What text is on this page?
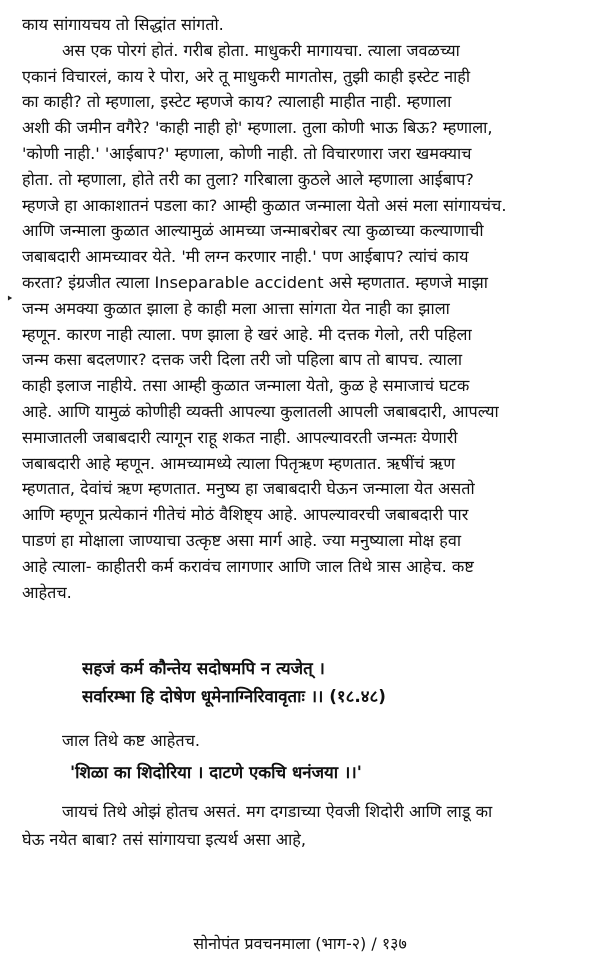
काय सांगायचय तो सिद्धांत सांगतो.
अस एक पोरगं होतं. गरीब होता. माधुकरी मागायचा. त्याला जवळच्या
एकानं विचारलं, काय रे पोरा, अरे तू माधुकरी मागतोस, तुझी काही इस्टेट नाही
का काही? तो म्हणाला, इस्टेट म्हणजे काय? त्यालाही माहीत नाही. म्हणाला
अशी की जमीन वगैरे? 'काही नाही हो' म्हणाला. तुला कोणी भाऊ बिऊ? म्हणाला,
'कोणी नाही.' 'आईबाप?' म्हणाला, कोणी नाही. तो विचारणारा जरा खमक्याच
होता. तो म्हणाला, होते तरी का तुला? गरिबाला कुठले आले म्हणाला आईबाप?
म्हणजे हा आकाशातनं पडला का? आम्ही कुळात जन्माला येतो असं मला सांगायचंच.
आणि जन्माला कुळात आल्यामुळं आमच्या जन्माबरोबर त्या कुळाच्या कल्याणाची
जबाबदारी आमच्यावर येते. 'मी लग्न करणार नाही.' पण आईबाप? त्यांचं काय
करता? इंग्रजीत त्याला Inseparable accident असे म्हणतात. म्हणजे माझा
जन्म अमक्या कुळात झाला हे काही मला आत्ता सांगता येत नाही का झाला
म्हणून. कारण नाही त्याला. पण झाला हे खरं आहे. मी दत्तक गेलो, तरी पहिला
जन्म कसा बदलणार? दत्तक जरी दिला तरी जो पहिला बाप तो बापच. त्याला
काही इलाज नाहीये. तसा आम्ही कुळात जन्माला येतो, कुळ हे समाजाचं घटक
आहे. आणि यामुळं कोणीही व्यक्ती आपल्या कुलातली आपली जबाबदारी, आपल्या
समाजातली जबाबदारी त्यागून राहू शकत नाही. आपल्यावरती जन्मतः येणारी
जबाबदारी आहे म्हणून. आमच्यामध्ये त्याला पितृऋण म्हणतात. ऋषींचं ऋण
म्हणतात, देवांचं ऋण म्हणतात. मनुष्य हा जबाबदारी घेऊन जन्माला येत असतो
आणि म्हणून प्रत्येकानं गीतेचं मोठं वैशिष्ट्य आहे. आपल्यावरची जबाबदारी पार
पाडणं हा मोक्षाला जाण्याचा उत्कृष्ट असा मार्ग आहे. ज्या मनुष्याला मोक्ष हवा
आहे त्याला- काहीतरी कर्म करावंच लागणार आणि जाल तिथे त्रास आहेच. कष्ट
आहेतच.
‣
सहजं कर्म कौन्तेय सदोषमपि न त्यजेत् ।
सर्वारम्भा हि दोषेण धूमेनाग्निरिवावृताः ।। (१८.४८)
जाल तिथे कष्ट आहेतच.
'शिळा का शिदोरिया । दाटणे एकचि धनंजया ।।'
जायचं तिथे ओझं होतच असतं. मग दगडाच्या ऐवजी शिदोरी आणि लाडू का
घेऊ नयेत बाबा? तसं सांगायचा इत्यर्थ असा आहे,
सोनोपंत प्रवचनमाला (भाग-२) / १३७
